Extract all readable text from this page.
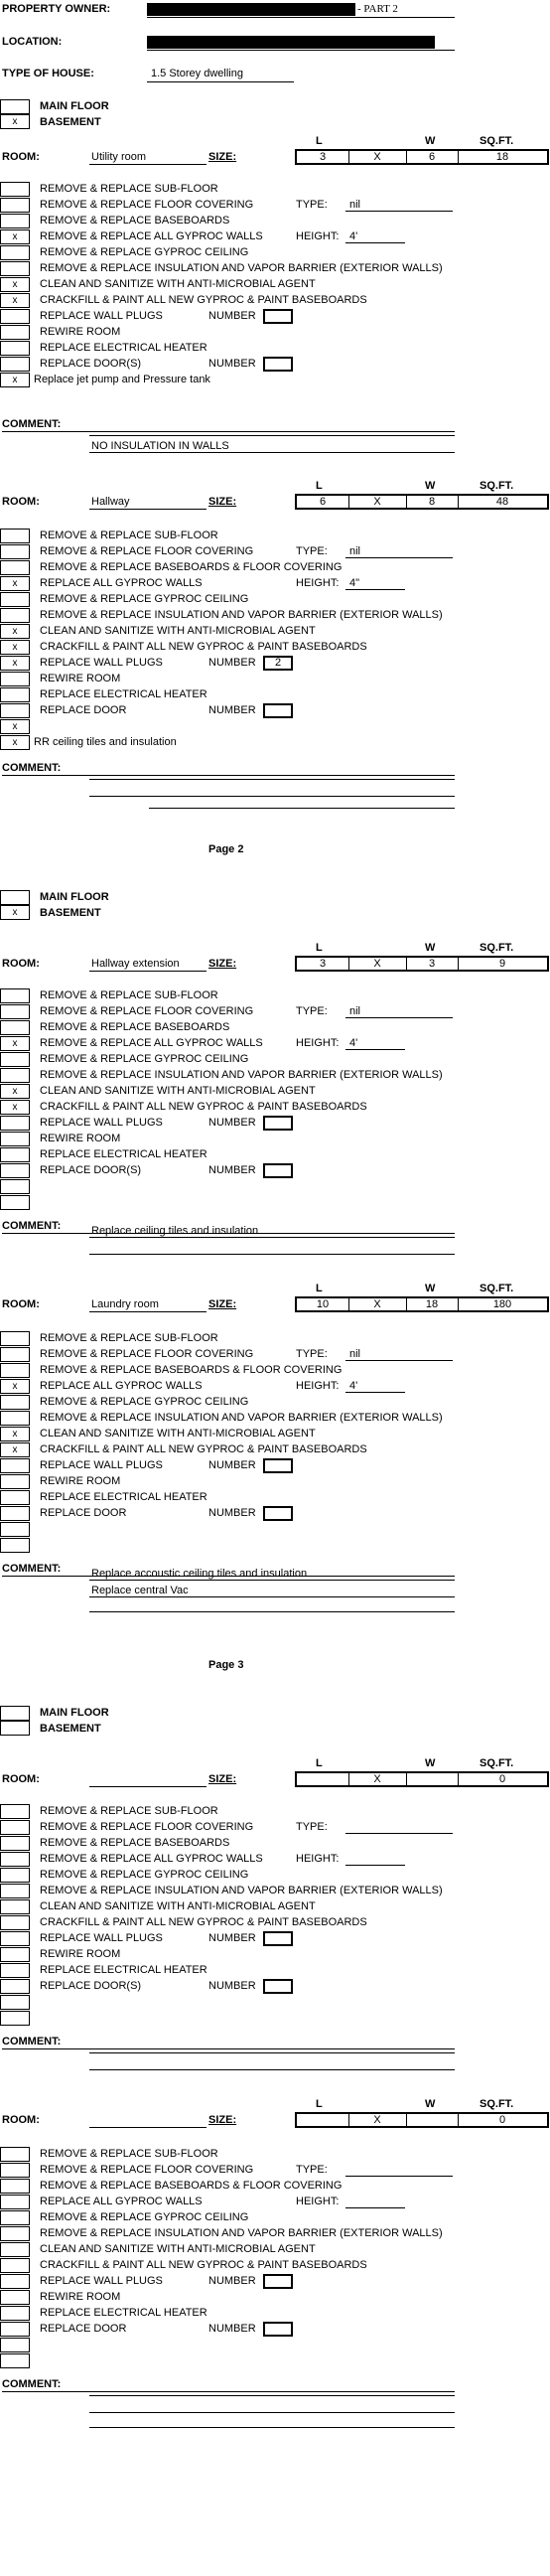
PROPERTY OWNER:	- PART 2
LOCATION:
TYPE OF HOUSE:	1.5 Storey dwelling
Page 2
Page 3
MAIN FLOOR
x	BASEMENT
L	W	SQ.FT.
ROOM:	Utility room	SIZE:	3	X	6	18
REMOVE & REPLACE SUB-FLOOR
REMOVE & REPLACE FLOOR COVERING	TYPE: nil
REMOVE & REPLACE BASEBOARDS
x	REMOVE & REPLACE ALL GYPROC WALLS	HEIGHT: 4'
REMOVE & REPLACE GYPROC CEILING
REMOVE & REPLACE INSULATION AND VAPOR BARRIER (EXTERIOR WALLS)
x	CLEAN AND SANITIZE WITH ANTI-MICROBIAL AGENT
x	CRACKFILL & PAINT ALL NEW GYPROC & PAINT BASEBOARDS
REPLACE WALL PLUGS	NUMBER
REWIRE ROOM
REPLACE ELECTRICAL HEATER
REPLACE DOOR(S)	NUMBER
x	Replace jet pump and Pressure tank
COMMENT:
NO INSULATION IN WALLS
L	W	SQ.FT.
ROOM:	Hallway	SIZE:	6	X	8	48
REMOVE & REPLACE SUB-FLOOR
REMOVE & REPLACE FLOOR COVERING	TYPE: nil
REMOVE & REPLACE BASEBOARDS & FLOOR COVERING
x	REPLACE ALL GYPROC WALLS	HEIGHT: 4"
REMOVE & REPLACE GYPROC CEILING
REMOVE & REPLACE INSULATION AND VAPOR BARRIER (EXTERIOR WALLS)
x	CLEAN AND SANITIZE WITH ANTI-MICROBIAL AGENT
x	CRACKFILL & PAINT ALL NEW GYPROC & PAINT BASEBOARDS
x	REPLACE WALL PLUGS	NUMBER	2
REWIRE ROOM
REPLACE ELECTRICAL HEATER
REPLACE DOOR	NUMBER
x
x	RR ceiling tiles and insulation
COMMENT:
MAIN FLOOR
x	BASEMENT
L	W	SQ.FT.
ROOM:	Hallway extension	SIZE:	3	X	3	9
REMOVE & REPLACE SUB-FLOOR
REMOVE & REPLACE FLOOR COVERING	TYPE: nil
REMOVE & REPLACE BASEBOARDS
x	REMOVE & REPLACE ALL GYPROC WALLS	HEIGHT: 4'
REMOVE & REPLACE GYPROC CEILING
REMOVE & REPLACE INSULATION AND VAPOR BARRIER (EXTERIOR WALLS)
x	CLEAN AND SANITIZE WITH ANTI-MICROBIAL AGENT
x	CRACKFILL & PAINT ALL NEW GYPROC & PAINT BASEBOARDS
REPLACE WALL PLUGS	NUMBER
REWIRE ROOM
REPLACE ELECTRICAL HEATER
REPLACE DOOR(S)	NUMBER
COMMENT:	Replace ceiling tiles and insulation
L	W	SQ.FT.
ROOM:	Laundry room	SIZE:	10	X	18	180
REMOVE & REPLACE SUB-FLOOR
REMOVE & REPLACE FLOOR COVERING	TYPE: nil
REMOVE & REPLACE BASEBOARDS & FLOOR COVERING
x	REPLACE ALL GYPROC WALLS	HEIGHT: 4'
REMOVE & REPLACE GYPROC CEILING
REMOVE & REPLACE INSULATION AND VAPOR BARRIER (EXTERIOR WALLS)
x	CLEAN AND SANITIZE WITH ANTI-MICROBIAL AGENT
x	CRACKFILL & PAINT ALL NEW GYPROC & PAINT BASEBOARDS
REPLACE WALL PLUGS	NUMBER
REWIRE ROOM
REPLACE ELECTRICAL HEATER
REPLACE DOOR	NUMBER
COMMENT:	Replace accoustic ceiling tiles and insulation
Replace central Vac
MAIN FLOOR
BASEMENT
L	W	SQ.FT.
ROOM:	SIZE:	X	0
REMOVE & REPLACE SUB-FLOOR
REMOVE & REPLACE FLOOR COVERING	TYPE:
REMOVE & REPLACE BASEBOARDS
REMOVE & REPLACE ALL GYPROC WALLS	HEIGHT:
REMOVE & REPLACE GYPROC CEILING
REMOVE & REPLACE INSULATION AND VAPOR BARRIER (EXTERIOR WALLS)
CLEAN AND SANITIZE WITH ANTI-MICROBIAL AGENT
CRACKFILL & PAINT ALL NEW GYPROC & PAINT BASEBOARDS
REPLACE WALL PLUGS	NUMBER
REWIRE ROOM
REPLACE ELECTRICAL HEATER
REPLACE DOOR(S)	NUMBER
COMMENT:
L	W	SQ.FT.
ROOM:	SIZE:	X	0
REMOVE & REPLACE SUB-FLOOR
REMOVE & REPLACE FLOOR COVERING	TYPE:
REMOVE & REPLACE BASEBOARDS & FLOOR COVERING
REPLACE ALL GYPROC WALLS	HEIGHT:
REMOVE & REPLACE GYPROC CEILING
REMOVE & REPLACE INSULATION AND VAPOR BARRIER (EXTERIOR WALLS)
CLEAN AND SANITIZE WITH ANTI-MICROBIAL AGENT
CRACKFILL & PAINT ALL NEW GYPROC & PAINT BASEBOARDS
REPLACE WALL PLUGS	NUMBER
REWIRE ROOM
REPLACE ELECTRICAL HEATER
REPLACE DOOR	NUMBER
COMMENT:
